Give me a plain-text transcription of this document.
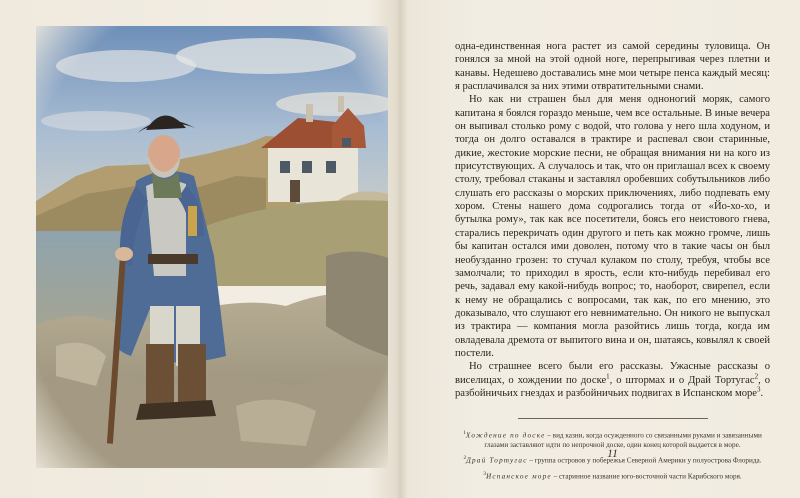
одна-единственная нога растет из самой середины туловища. Он гонялся за мной на этой одной ноге, перепрыгивая через плетни и канавы. Недешево доставались мне мои четыре пенса каждый месяц: я расплачивался за них этими отвратительными снами.

Но как ни страшен был для меня одноногий моряк, самого капитана я боялся гораздо меньше, чем все остальные. В иные вечера он выпивал столько рому с водой, что голова у него шла ходуном, и тогда он долго оставался в трактире и распевал свои старинные, дикие, жестокие морские песни, не обращая внимания ни на кого из присутствующих. А случалось и так, что он приглашал всех к своему столу, требовал стаканы и заставлял оробевших собутыльников либо слушать его рассказы о морских приключениях, либо подпевать ему хором. Стены нашего дома содрогались тогда от «Йо-хо-хо, и бутылка рому», так как все посетители, боясь его неистового гнева, старались перекричать один другого и петь как можно громче, лишь бы капитан остался ими доволен, потому что в такие часы он был необузданно грозен: то стучал кулаком по столу, требуя, чтобы все замолчали; то приходил в ярость, если кто-нибудь перебивал его речь, задавал ему какой-нибудь вопрос; то, наоборот, свирепел, если к нему не обращались с вопросами, так как, по его мнению, это доказывало, что слушают его невнимательно. Он никого не выпускал из трактира — компания могла разойтись лишь тогда, когда им овладевала дремота от выпитого вина и он, шатаясь, ковылял к своей постели.

Но страшнее всего были его рассказы. Ужасные рассказы о виселицах, о хождении по доске$^1$, о штормах и о Драй Тортугас$^2$, о разбойничьих гнездах и разбойничьих подвигах в Испанском море$^3$.

$^1$Хождение по доске – вид казни, когда осужденного со связанными руками и завязанными глазами заставляют идти по непрочной доске, один конец которой выдается в море.

$^2$Драй Тортугас – группа островов у побережья Северной Америки у полуострова Флорида.

$^3$Испанское море – старинное название юго-восточной части Карибского моря.

11
